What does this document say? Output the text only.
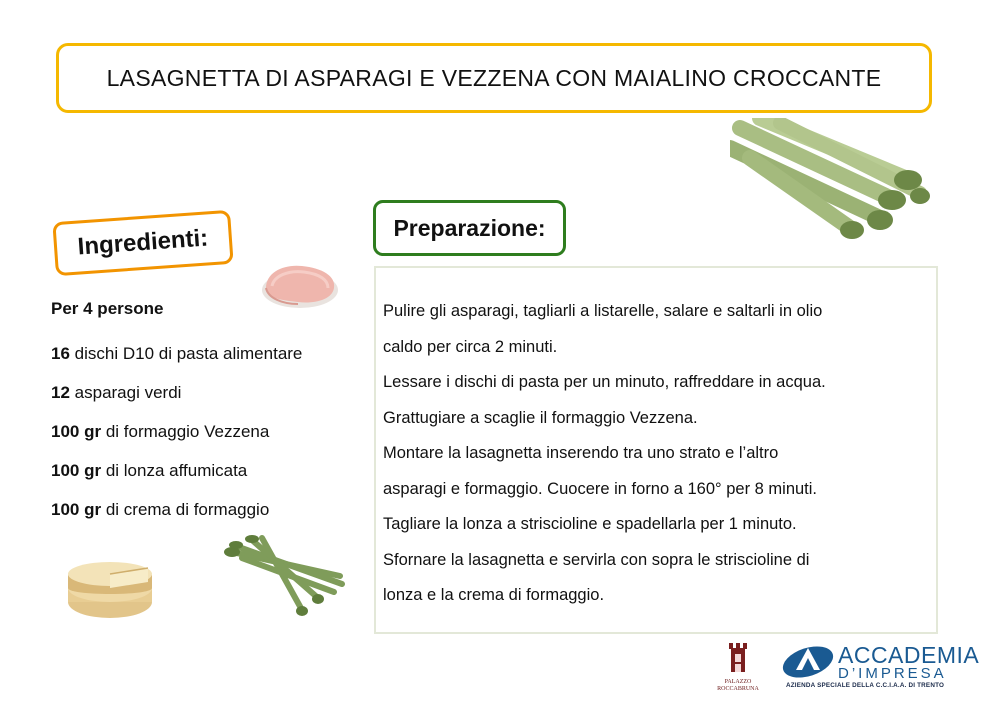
LASAGNETTA DI ASPARAGI E VEZZENA CON MAIALINO CROCCANTE
Ingredienti:	Preparazione:
Per 4 persone
16 dischi D10 di pasta alimentare
12 asparagi verdi
100 gr di formaggio Vezzena
100 gr di lonza affumicata
100 gr di crema di formaggio

Pulire gli asparagi, tagliarli a listarelle, salare e saltarli in olio

caldo per circa 2 minuti.

Lessare i dischi di pasta per un minuto, raffreddare in acqua.

Grattugiare a scaglie il formaggio Vezzena.

Montare la lasagnetta inserendo tra uno strato e l’altro

asparagi e formaggio. Cuocere in forno a 160° per 8 minuti.

Tagliare la lonza a striscioline e spadellarla per 1 minuto.

Sfornare la lasagnetta e servirla con sopra le striscioline di

lonza e la crema di formaggio.

PALAZZO
ROCCABRUNA
ACCADEMIA
D’IMPRESA
AZIENDA SPECIALE DELLA C.C.I.A.A. DI TRENTO
